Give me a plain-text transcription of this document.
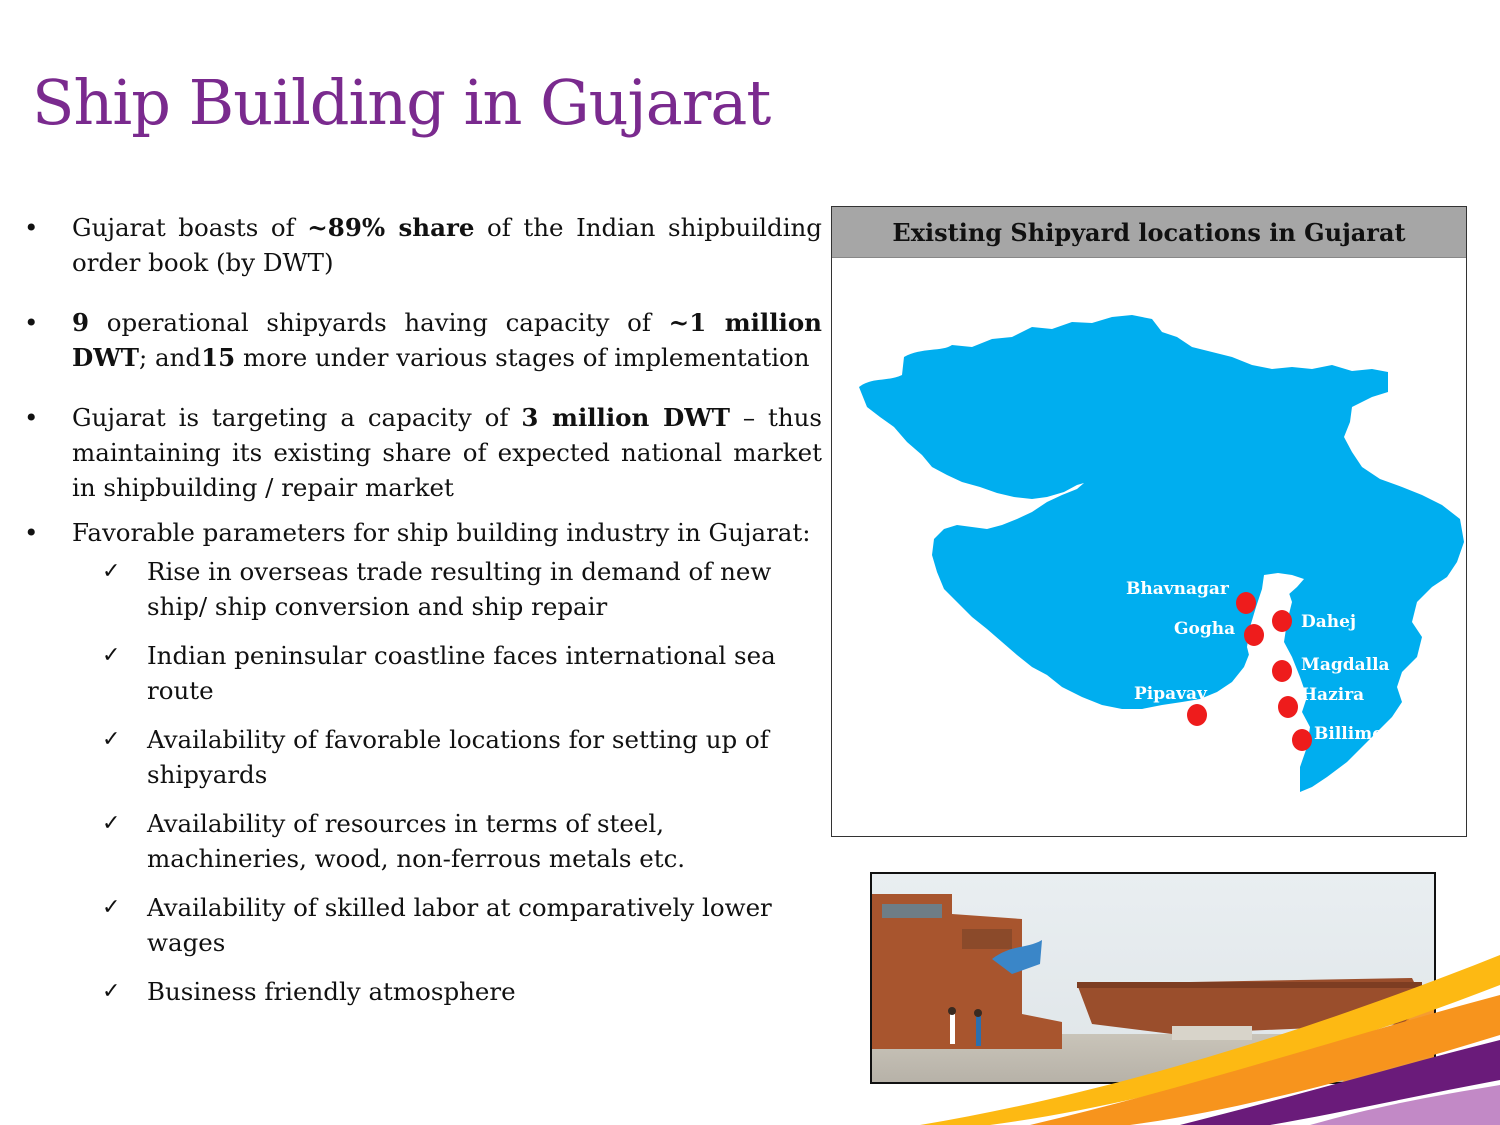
Ship Building in Gujarat
• Gujarat boasts of ~89% share of the Indian shipbuilding order book (by DWT)
• 9 operational shipyards having capacity of ~1 million DWT; and15 more under various stages of implementation
• Gujarat is targeting a capacity of 3 million DWT – thus maintaining its existing share of expected national market in shipbuilding / repair market
• Favorable parameters for ship building industry in Gujarat:
✓ Rise in overseas trade resulting in demand of new ship/ ship conversion and ship repair
✓ Indian peninsular coastline faces international sea route
✓ Availability of favorable locations for setting up of shipyards
✓ Availability of resources in terms of steel, machineries, wood, non-ferrous metals etc.
✓ Availability of skilled labor at comparatively lower wages
✓ Business friendly atmosphere
Existing Shipyard locations in Gujarat
Bhavnagar
Gogha	Dahej
Magdalla
Hazira
Pipavav
Billimora
